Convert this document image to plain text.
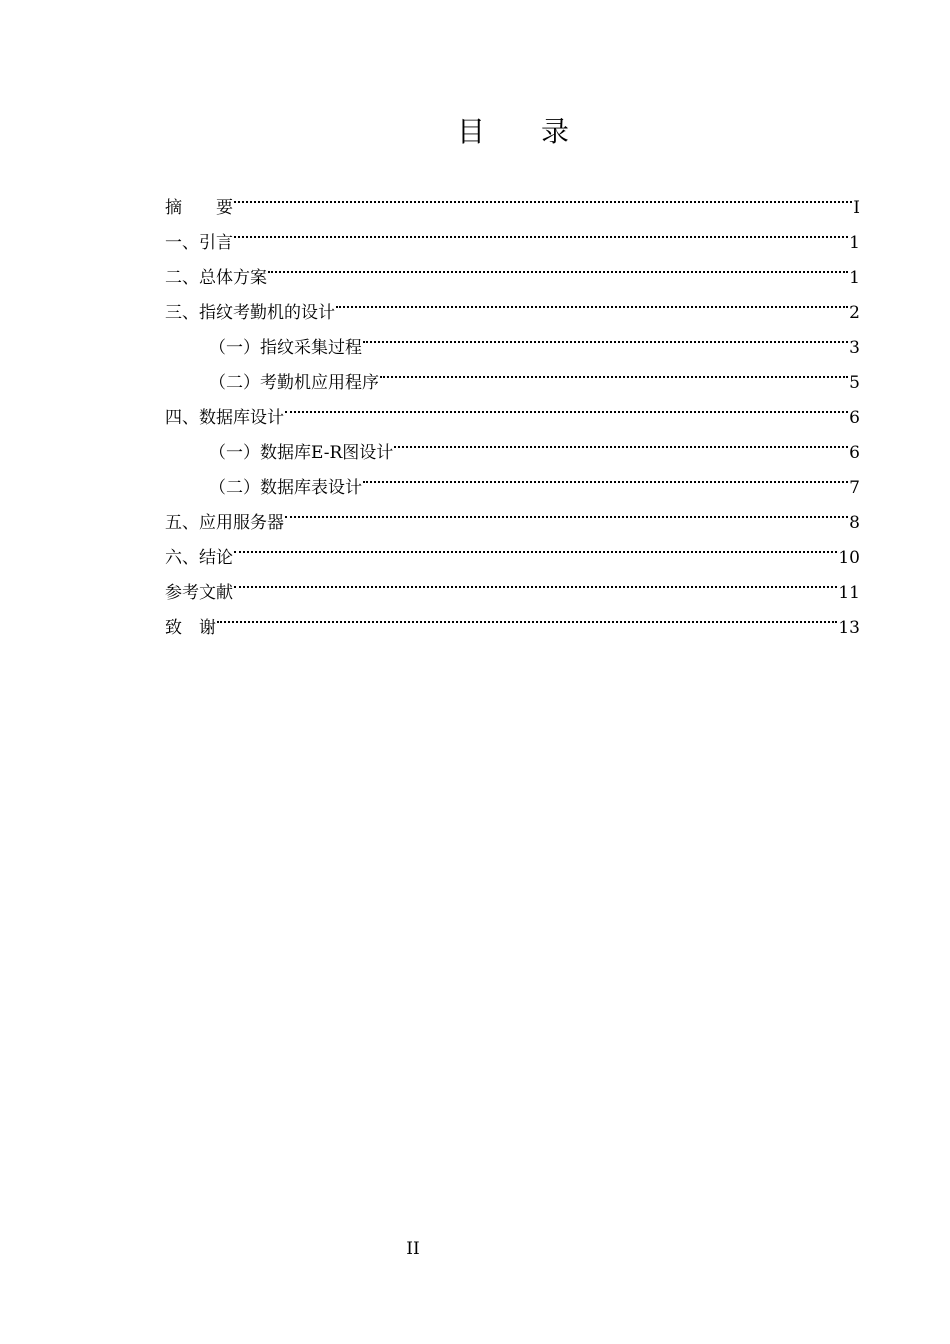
目　　录
摘　　要	I
一、引言	1
二、总体方案	1
三、指纹考勤机的设计	2
（一）指纹采集过程	3
（二）考勤机应用程序	5
四、数据库设计	6
（一）数据库E-R图设计	6
（二）数据库表设计	7
五、应用服务器	8
六、结论	10
参考文献	11
致　谢	13
II
